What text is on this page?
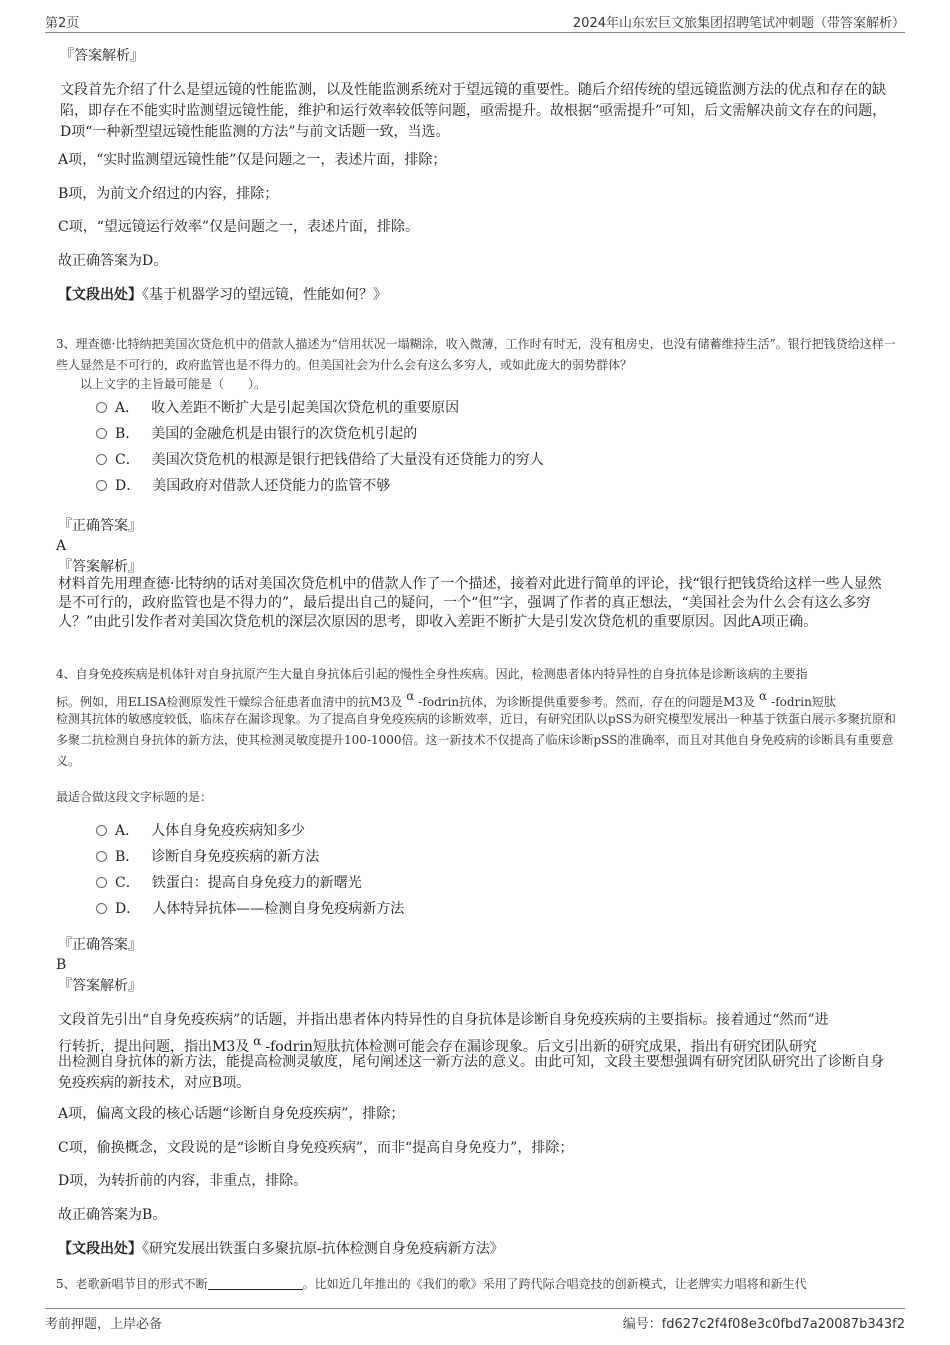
第2页	2024年山东宏巨文旅集团招聘笔试冲刺题（带答案解析）
『答案解析』
文段首先介绍了什么是望远镜的性能监测，以及性能监测系统对于望远镜的重要性。随后介绍传统的望远镜监测方法的优点和存在的缺陷，即存在不能实时监测望远镜性能，维护和运行效率较低等问题，亟需提升。故根据“亟需提升”可知，后文需解决前文存在的问题，D项“一种新型望远镜性能监测的方法”与前文话题一致，当选。
A项，“实时监测望远镜性能”仅是问题之一，表述片面，排除；
B项，为前文介绍过的内容，排除；
C项，“望远镜运行效率”仅是问题之一，表述片面，排除。
故正确答案为D。
【文段出处】《基于机器学习的望远镜，性能如何？》
3、理查德·比特纳把美国次贷危机中的借款人描述为“信用状况一塌糊涂，收入微薄，工作时有时无，没有租房史，也没有储蓄维持生活”。银行把钱贷给这样一些人显然是不可行的，政府监管也是不得力的。但美国社会为什么会有这么多穷人，或如此庞大的弱势群体？
以上文字的主旨最可能是（　　）。
A． 收入差距不断扩大是引起美国次贷危机的重要原因
B． 美国的金融危机是由银行的次贷危机引起的
C． 美国次贷危机的根源是银行把钱借给了大量没有还贷能力的穷人
D． 美国政府对借款人还贷能力的监管不够
『正确答案』
A
『答案解析』
材料首先用理查德·比特纳的话对美国次贷危机中的借款人作了一个描述，接着对此进行简单的评论，找“银行把钱贷给这样一些人显然是不可行的，政府监管也是不得力的”，最后提出自己的疑问，一个“但”字，强调了作者的真正想法，“美国社会为什么会有这么多穷人？”由此引发作者对美国次贷危机的深层次原因的思考，即收入差距不断扩大是引发次贷危机的重要原因。因此A项正确。
4、自身免疫疾病是机体针对自身抗原产生大量自身抗体后引起的慢性全身性疾病。因此，检测患者体内特异性的自身抗体是诊断该病的主要指
标。例如，用ELISA检测原发性干燥综合征患者血清中的抗M3及 α -fodrin抗体，为诊断提供重要参考。然而，存在的问题是M3及 α -fodrin短肽
检测其抗体的敏感度较低，临床存在漏诊现象。为了提高自身免疫疾病的诊断效率，近日，有研究团队以pSS为研究模型发展出一种基于铁蛋白展示多聚抗原和多聚二抗检测自身抗体的新方法，使其检测灵敏度提升100-1000倍。这一新技术不仅提高了临床诊断pSS的准确率，而且对其他自身免疫病的诊断具有重要意义。
最适合做这段文字标题的是：
A． 人体自身免疫疾病知多少
B． 诊断自身免疫疾病的新方法
C． 铁蛋白：提高自身免疫力的新曙光
D． 人体特异抗体——检测自身免疫病新方法
『正确答案』
B
『答案解析』
文段首先引出“自身免疫疾病”的话题，并指出患者体内特异性的自身抗体是诊断自身免疫疾病的主要指标。接着通过“然而”进
行转折，提出问题，指出M3及 α -fodrin短肽抗体检测可能会存在漏诊现象。后文引出新的研究成果，指出有研究团队研究
出检测自身抗体的新方法，能提高检测灵敏度，尾句阐述这一新方法的意义。由此可知，文段主要想强调有研究团队研究出了诊断自身免疫疾病的新技术，对应B项。
A项，偏离文段的核心话题“诊断自身免疫疾病”，排除；
C项，偷换概念，文段说的是“诊断自身免疫疾病”，而非“提高自身免疫力”，排除；
D项，为转折前的内容，非重点，排除。
故正确答案为B。
【文段出处】《研究发展出铁蛋白多聚抗原-抗体检测自身免疫病新方法》
5、老歌新唱节目的形式不断	。比如近几年推出的《我们的歌》采用了跨代际合唱竞技的创新模式，让老牌实力唱将和新生代
考前押题，上岸必备	编号：fd627c2f4f08e3c0fbd7a20087b343f2
